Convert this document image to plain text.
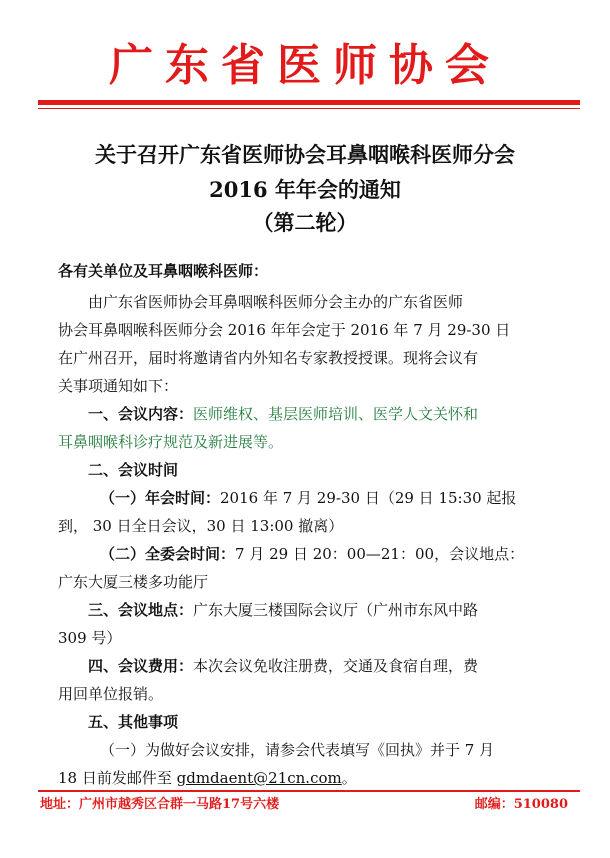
广东省医师协会
关于召开广东省医师协会耳鼻咽喉科医师分会
2016 年年会的通知
（第二轮）
各有关单位及耳鼻咽喉科医师：
由广东省医师协会耳鼻咽喉科医师分会主办的广东省医师
协会耳鼻咽喉科医师分会 2016 年年会定于 2016 年 7 月 29-30 日
在广州召开，届时将邀请省内外知名专家教授授课。现将会议有
关事项通知如下：
一、会议内容：医师维权、基层医师培训、医学人文关怀和
耳鼻咽喉科诊疗规范及新进展等。
二、会议时间
（一）年会时间：2016 年 7 月 29-30 日（29 日 15:30 起报
到， 30 日全日会议，30 日 13:00 撤离）
（二）全委会时间：7 月 29 日 20：00—21：00，会议地点：
广东大厦三楼多功能厅
三、会议地点：广东大厦三楼国际会议厅（广州市东风中路
309 号）
四、会议费用：本次会议免收注册费，交通及食宿自理，费
用回单位报销。
五、其他事项
（一）为做好会议安排，请参会代表填写《回执》并于 7 月
18 日前发邮件至 gdmdaent@21cn.com。
地址：广州市越秀区合群一马路17号六楼	邮编：510080
